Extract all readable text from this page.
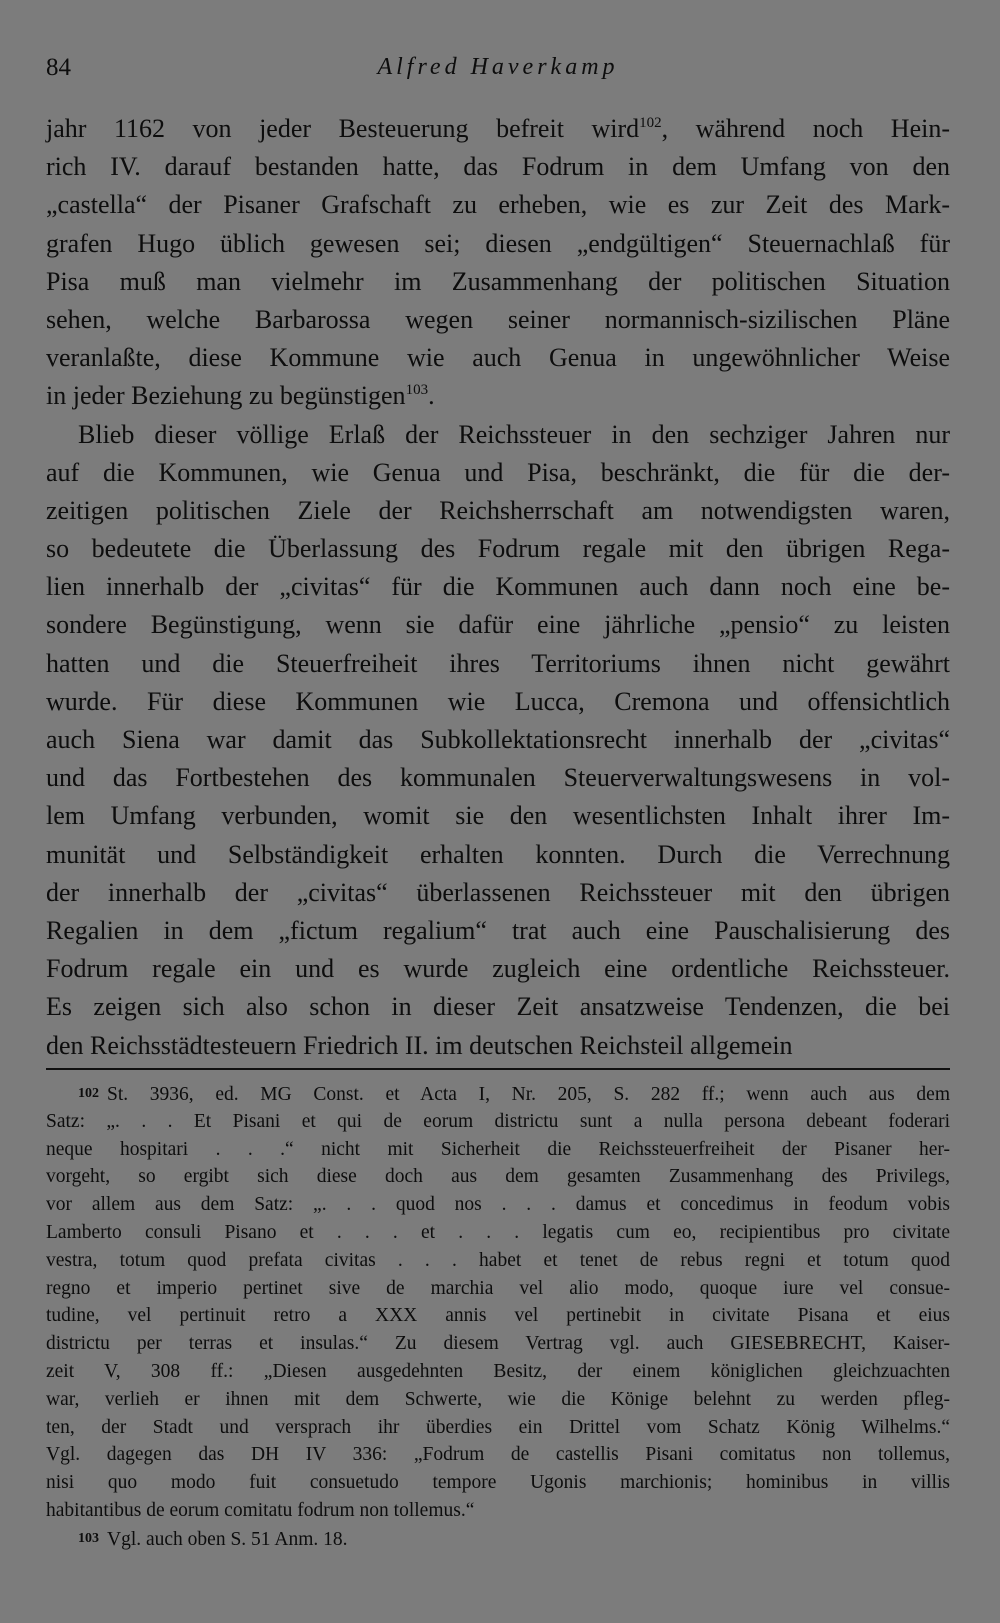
84	Alfred Haverkamp
jahr 1162 von jeder Besteuerung befreit wird$^{102}$, während noch Hein-
rich IV. darauf bestanden hatte, das Fodrum in dem Umfang von den
„castella“ der Pisaner Grafschaft zu erheben, wie es zur Zeit des Mark-
grafen Hugo üblich gewesen sei; diesen „endgültigen“ Steuernachlaß für
Pisa muß man vielmehr im Zusammenhang der politischen Situation
sehen, welche Barbarossa wegen seiner normannisch-sizilischen Pläne
veranlaßte, diese Kommune wie auch Genua in ungewöhnlicher Weise
in jeder Beziehung zu begünstigen$^{103}$.
Blieb dieser völlige Erlaß der Reichssteuer in den sechziger Jahren nur
auf die Kommunen, wie Genua und Pisa, beschränkt, die für die der-
zeitigen politischen Ziele der Reichsherrschaft am notwendigsten waren,
so bedeutete die Überlassung des Fodrum regale mit den übrigen Rega-
lien innerhalb der „civitas“ für die Kommunen auch dann noch eine be-
sondere Begünstigung, wenn sie dafür eine jährliche „pensio“ zu leisten
hatten und die Steuerfreiheit ihres Territoriums ihnen nicht gewährt
wurde. Für diese Kommunen wie Lucca, Cremona und offensichtlich
auch Siena war damit das Subkollektationsrecht innerhalb der „civitas“
und das Fortbestehen des kommunalen Steuerverwaltungswesens in vol-
lem Umfang verbunden, womit sie den wesentlichsten Inhalt ihrer Im-
munität und Selbständigkeit erhalten konnten. Durch die Verrechnung
der innerhalb der „civitas“ überlassenen Reichssteuer mit den übrigen
Regalien in dem „fictum regalium“ trat auch eine Pauschalisierung des
Fodrum regale ein und es wurde zugleich eine ordentliche Reichssteuer.
Es zeigen sich also schon in dieser Zeit ansatzweise Tendenzen, die bei
den Reichsstädtesteuern Friedrich II. im deutschen Reichsteil allgemein
102 St. 3936, ed. MG Const. et Acta I, Nr. 205, S. 282 ff.; wenn auch aus dem
Satz: „. . . Et Pisani et qui de eorum districtu sunt a nulla persona debeant foderari
neque hospitari . . .“ nicht mit Sicherheit die Reichssteuerfreiheit der Pisaner her-
vorgeht, so ergibt sich diese doch aus dem gesamten Zusammenhang des Privilegs,
vor allem aus dem Satz: „. . . quod nos . . . damus et concedimus in feodum vobis
Lamberto consuli Pisano et . . . et . . . legatis cum eo, recipientibus pro civitate
vestra, totum quod prefata civitas . . . habet et tenet de rebus regni et totum quod
regno et imperio pertinet sive de marchia vel alio modo, quoque iure vel consue-
tudine, vel pertinuit retro a XXX annis vel pertinebit in civitate Pisana et eius
districtu per terras et insulas.“ Zu diesem Vertrag vgl. auch GIESEBRECHT, Kaiser-
zeit V, 308 ff.: „Diesen ausgedehnten Besitz, der einem königlichen gleichzuachten
war, verlieh er ihnen mit dem Schwerte, wie die Könige belehnt zu werden pfleg-
ten, der Stadt und versprach ihr überdies ein Drittel vom Schatz König Wilhelms.“
Vgl. dagegen das DH IV 336: „Fodrum de castellis Pisani comitatus non tollemus,
nisi quo modo fuit consuetudo tempore Ugonis marchionis; hominibus in villis
habitantibus de eorum comitatu fodrum non tollemus.“
103 Vgl. auch oben S. 51 Anm. 18.
